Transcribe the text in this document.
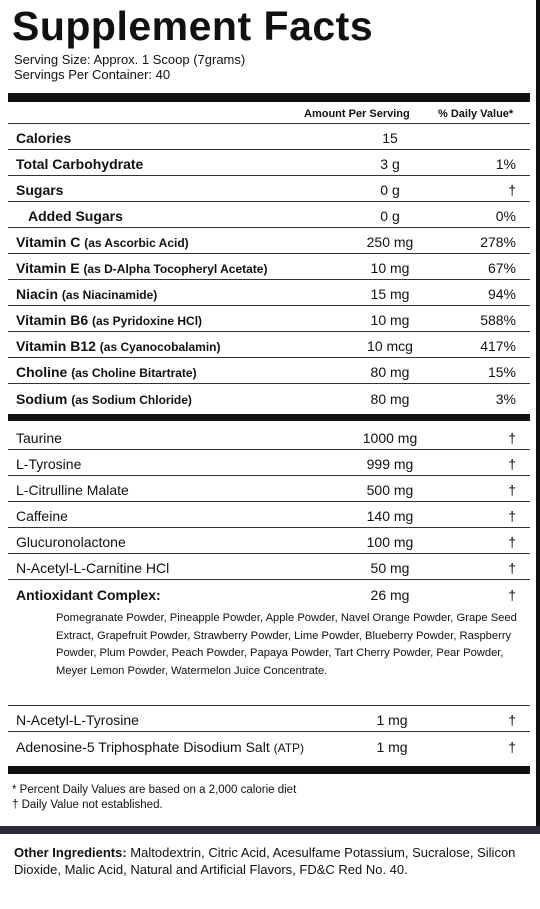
Supplement Facts
Serving Size: Approx. 1 Scoop (7grams)
Servings Per Container: 40
Amount Per Serving	% Daily Value*
Calories	15
Total Carbohydrate	3 g	1%
Sugars	0 g	†
Added Sugars	0 g	0%
Vitamin C (as Ascorbic Acid)	250 mg	278%
Vitamin E (as D-Alpha Tocopheryl Acetate)	10 mg	67%
Niacin (as Niacinamide)	15 mg	94%
Vitamin B6 (as Pyridoxine HCl)	10 mg	588%
Vitamin B12 (as Cyanocobalamin)	10 mcg	417%
Choline (as Choline Bitartrate)	80 mg	15%
Sodium (as Sodium Chloride)	80 mg	3%
Taurine	1000 mg	†
L-Tyrosine	999 mg	†
L-Citrulline Malate	500 mg	†
Caffeine	140 mg	†
Glucuronolactone	100 mg	†
N-Acetyl-L-Carnitine HCl	50 mg	†
Antioxidant Complex:	26 mg	†
Pomegranate Powder, Pineapple Powder, Apple Powder, Navel Orange Powder, Grape Seed Extract, Grapefruit Powder, Strawberry Powder, Lime Powder, Blueberry Powder, Raspberry Powder, Plum Powder, Peach Powder, Papaya Powder, Tart Cherry Powder, Pear Powder, Meyer Lemon Powder, Watermelon Juice Concentrate.
N-Acetyl-L-Tyrosine	1 mg	†
Adenosine-5 Triphosphate Disodium Salt (ATP)	1 mg	†
* Percent Daily Values are based on a 2,000 calorie diet
† Daily Value not established.
Other Ingredients: Maltodextrin, Citric Acid, Acesulfame Potassium, Sucralose, Silicon Dioxide, Malic Acid, Natural and Artificial Flavors, FD&C Red No. 40.
